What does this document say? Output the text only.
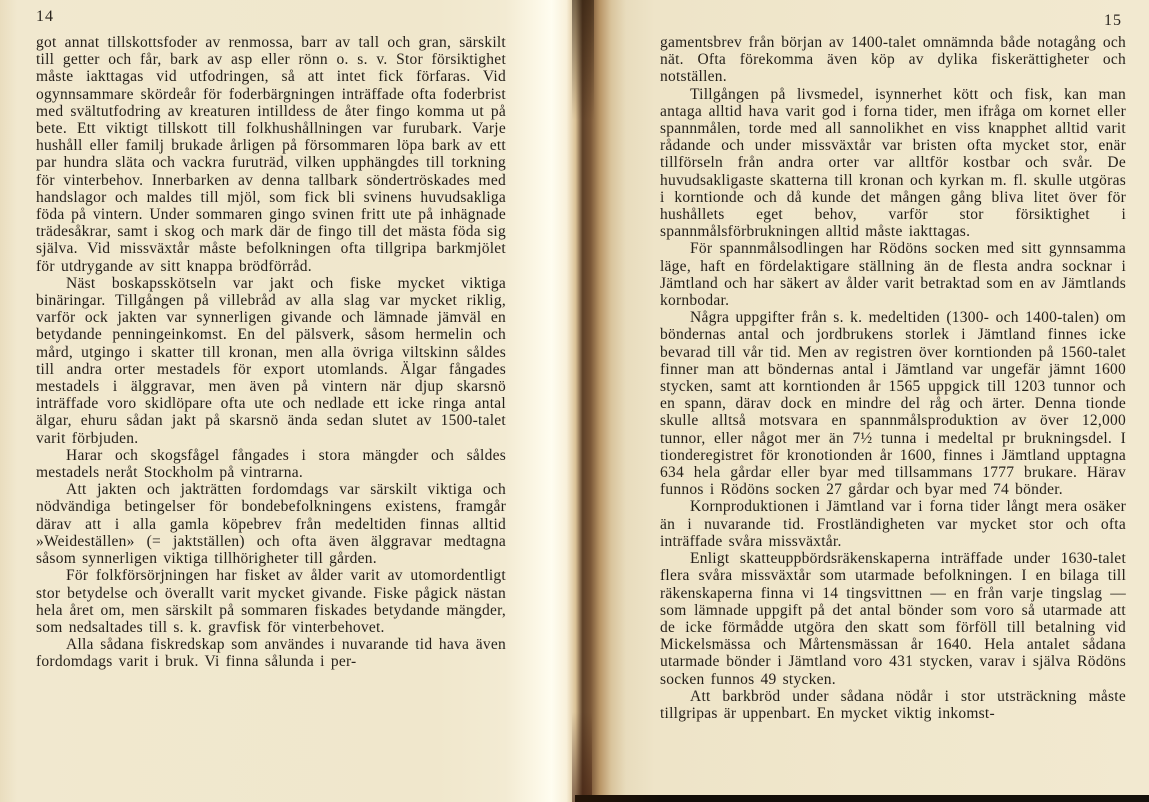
14

got annat tillskottsfoder av renmossa, barr av tall och gran, särskilt till getter och får, bark av asp eller rönn o. s. v. Stor försiktighet måste iakttagas vid utfodringen, så att intet fick förfaras. Vid ogynnsammare skördeår för foderbärgningen inträffade ofta foderbrist med svältutfodring av kreaturen intilldess de åter fingo komma ut på bete. Ett viktigt tillskott till folkhushållningen var furubark. Varje hushåll eller familj brukade årligen på försommaren löpa bark av ett par hundra släta och vackra furuträd, vilken upphängdes till torkning för vinterbehov. Innerbarken av denna tallbark söndertröskades med handslagor och maldes till mjöl, som fick bli svinens huvudsakliga föda på vintern. Under sommaren gingo svinen fritt ute på inhägnade trädesåkrar, samt i skog och mark där de fingo till det mästa föda sig själva. Vid missväxtår måste befolkningen ofta tillgripa barkmjölet för utdrygande av sitt knappa brödförråd.

Näst boskapsskötseln var jakt och fiske mycket viktiga binäringar. Tillgången på villebråd av alla slag var mycket riklig, varför ock jakten var synnerligen givande och lämnade jämväl en betydande penningeinkomst. En del pälsverk, såsom hermelin och mård, utgingo i skatter till kronan, men alla övriga viltskinn såldes till andra orter mestadels för export utomlands. Älgar fångades mestadels i älggravar, men även på vintern när djup skarsnö inträffade voro skidlöpare ofta ute och nedlade ett icke ringa antal älgar, ehuru sådan jakt på skarsnö ända sedan slutet av 1500-talet varit förbjuden.

Harar och skogsfågel fångades i stora mängder och såldes mestadels neråt Stockholm på vintrarna.

Att jakten och jakträtten fordomdags var särskilt viktiga och nödvändiga betingelser för bondebefolkningens existens, framgår därav att i alla gamla köpebrev från medeltiden finnas alltid »Weideställen» (= jaktställen) och ofta även älggravar medtagna såsom synnerligen viktiga tillhörigheter till gården.

För folkförsörjningen har fisket av ålder varit av utomordentligt stor betydelse och överallt varit mycket givande. Fiske pågick nästan hela året om, men särskilt på sommaren fiskades betydande mängder, som nedsaltades till s. k. gravfisk för vinterbehovet.

Alla sådana fiskredskap som användes i nuvarande tid hava även fordomdags varit i bruk. Vi finna sålunda i per-

15

gamentsbrev från början av 1400-talet omnämnda både notagång och nät. Ofta förekomma även köp av dylika fiskerättigheter och notställen.

Tillgången på livsmedel, isynnerhet kött och fisk, kan man antaga alltid hava varit god i forna tider, men ifråga om kornet eller spannmålen, torde med all sannolikhet en viss knapphet alltid varit rådande och under missväxtår var bristen ofta mycket stor, enär tillförseln från andra orter var alltför kostbar och svår. De huvudsakligaste skatterna till kronan och kyrkan m. fl. skulle utgöras i korntionde och då kunde det mången gång bliva litet över för hushållets eget behov, varför stor försiktighet i spannmålsförbrukningen alltid måste iakttagas.

För spannmålsodlingen har Rödöns socken med sitt gynnsamma läge, haft en fördelaktigare ställning än de flesta andra socknar i Jämtland och har säkert av ålder varit betraktad som en av Jämtlands kornbodar.

Några uppgifter från s. k. medeltiden (1300- och 1400-talen) om böndernas antal och jordbrukens storlek i Jämtland finnes icke bevarad till vår tid. Men av registren över korntionden på 1560-talet finner man att böndernas antal i Jämtland var ungefär jämnt 1600 stycken, samt att korntionden år 1565 uppgick till 1203 tunnor och en spann, därav dock en mindre del råg och ärter. Denna tionde skulle alltså motsvara en spannmålsproduktion av över 12,000 tunnor, eller något mer än 7½ tunna i medeltal pr brukningsdel. I tionderegistret för kronotionden år 1600, finnes i Jämtland upptagna 634 hela gårdar eller byar med tillsammans 1777 brukare. Härav funnos i Rödöns socken 27 gårdar och byar med 74 bönder.

Kornproduktionen i Jämtland var i forna tider långt mera osäker än i nuvarande tid. Frostländigheten var mycket stor och ofta inträffade svåra missväxtår.

Enligt skatteuppbördsräkenskaperna inträffade under 1630-talet flera svåra missväxtår som utarmade befolkningen. I en bilaga till räkenskaperna finna vi 14 tingsvittnen — en från varje tingslag — som lämnade uppgift på det antal bönder som voro så utarmade att de icke förmådde utgöra den skatt som förföll till betalning vid Mickelsmässa och Mårtensmässan år 1640. Hela antalet sådana utarmade bönder i Jämtland voro 431 stycken, varav i själva Rödöns socken funnos 49 stycken.

Att barkbröd under sådana nödår i stor utsträckning måste tillgripas är uppenbart. En mycket viktig inkomst-
